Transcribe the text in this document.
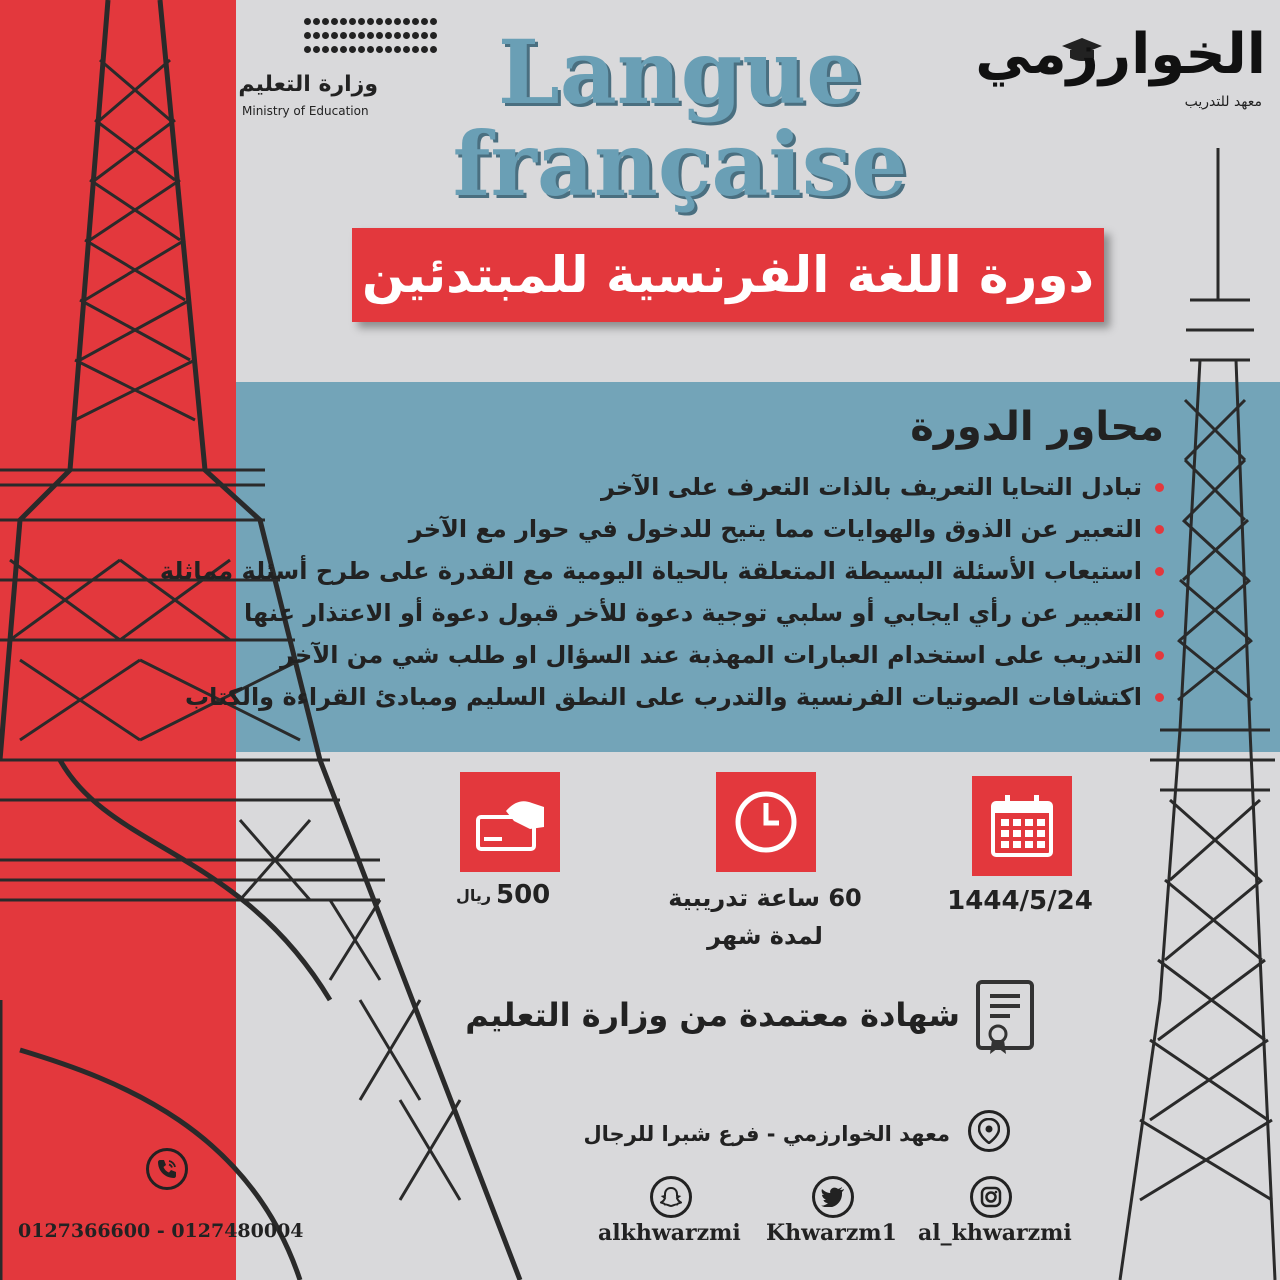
وزارة التعليم
Ministry of Education
الخوارزمي
معهد للتدريب
Langue
française
دورة اللغة الفرنسية للمبتدئين
محاور الدورة
تبادل التحايا التعريف بالذات التعرف على الآخر
التعبير عن الذوق والهوايات مما يتيح للدخول في حوار مع الآخر
استيعاب الأسئلة البسيطة المتعلقة بالحياة اليومية مع القدرة على طرح أسئلة مماثلة
التعبير عن رأي ايجابي أو سلبي توجية دعوة للأخر قبول دعوة أو الاعتذار عنها
التدريب على استخدام العبارات المهذبة عند السؤال او طلب شي من الآخر
اكتشافات الصوتيات الفرنسية والتدرب على النطق السليم ومبادئ القراءة والكتاب
1444/5/24
60 ساعة تدريبية
لمدة شهر
500
ريال
شهادة معتمدة من وزارة التعليم
معهد الخوارزمي - فرع شبرا للرجال
al_khwarzmi
Khwarzm1
alkhwarzmi
0127366600 - 0127480004
